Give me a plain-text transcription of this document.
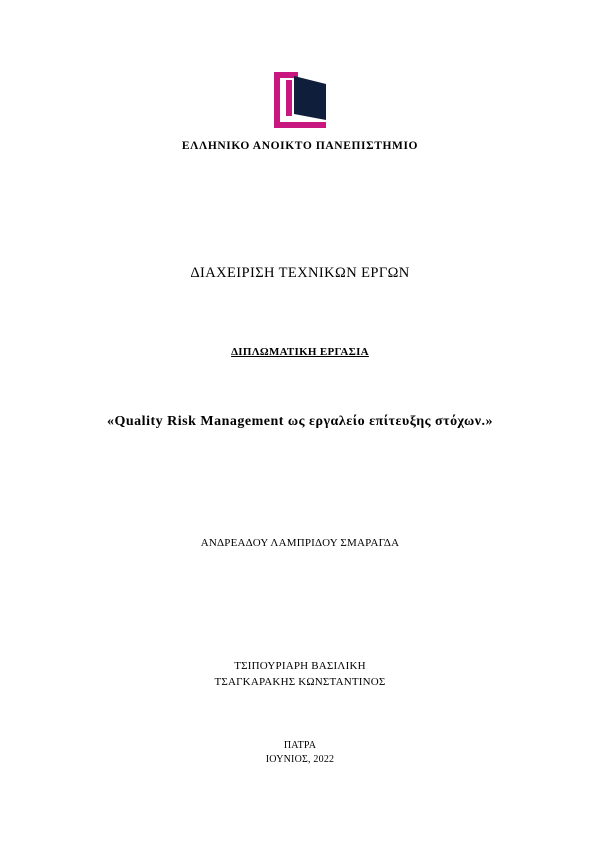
ΕΛΛΗΝΙΚΟ ΑΝΟΙΚΤΟ ΠΑΝΕΠΙΣΤΗΜΙΟ
ΔΙΑΧΕΙΡΙΣΗ ΤΕΧΝΙΚΩΝ ΕΡΓΩΝ
ΔΙΠΛΩΜΑΤΙΚΗ ΕΡΓΑΣΙΑ
«Quality Risk Management ως εργαλείο επίτευξης στόχων.»
ΑΝΔΡΕΑΔΟΥ ΛΑΜΠΡΙΔΟΥ ΣΜΑΡΑΓΔΑ
ΤΣΙΠΟΥΡΙΑΡΗ ΒΑΣΙΛΙΚΗ
ΤΣΑΓΚΑΡΑΚΗΣ ΚΩΝΣΤΑΝΤΙΝΟΣ
ΠΑΤΡΑ
ΙΟΥΝΙΟΣ, 2022
